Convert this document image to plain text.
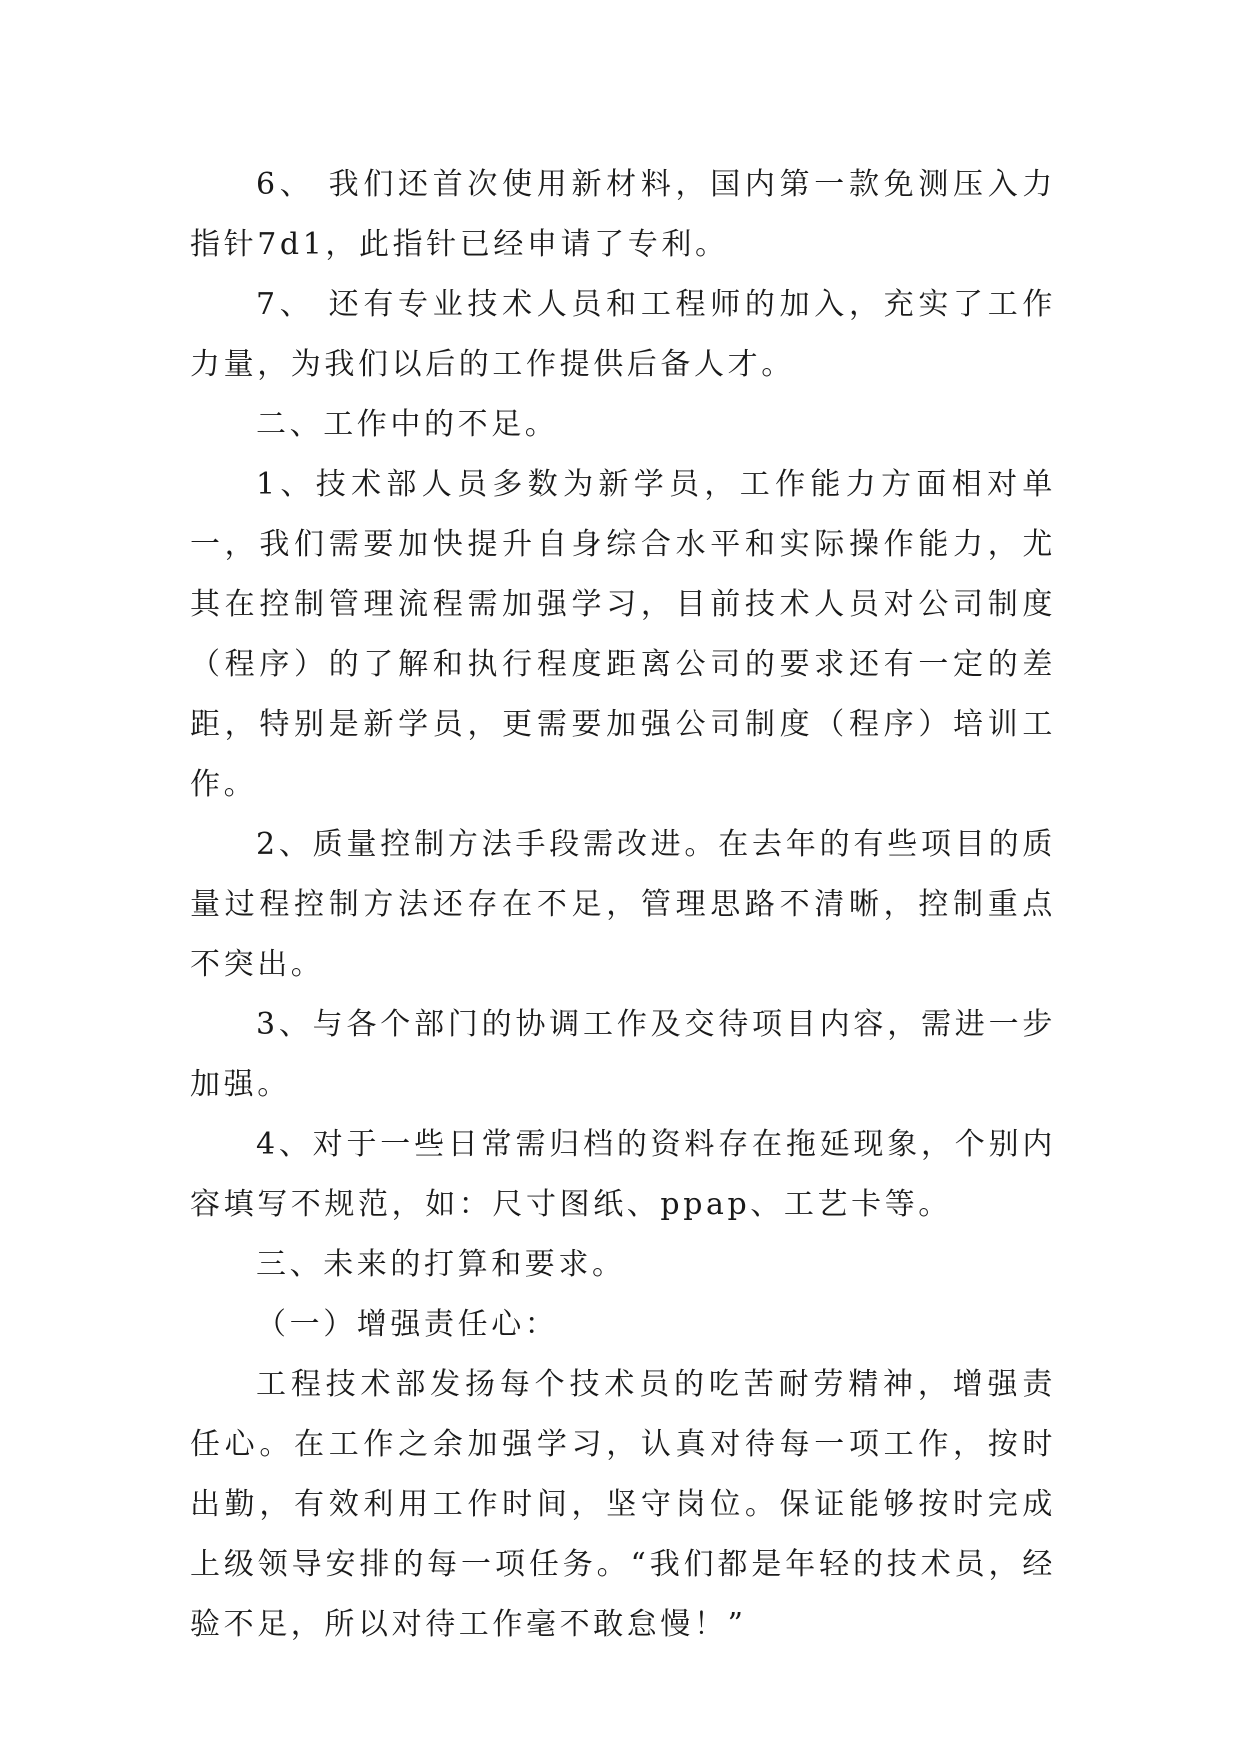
6、 我们还首次使用新材料，国内第一款免测压入力指针7d1，此指针已经申请了专利。

7、 还有专业技术人员和工程师的加入，充实了工作力量，为我们以后的工作提供后备人才。

二、工作中的不足。

1、技术部人员多数为新学员，工作能力方面相对单一，我们需要加快提升自身综合水平和实际操作能力，尤其在控制管理流程需加强学习，目前技术人员对公司制度（程序）的了解和执行程度距离公司的要求还有一定的差距，特别是新学员，更需要加强公司制度（程序）培训工作。

2、质量控制方法手段需改进。在去年的有些项目的质量过程控制方法还存在不足，管理思路不清晰，控制重点不突出。

3、与各个部门的协调工作及交待项目内容，需进一步加强。

4、对于一些日常需归档的资料存在拖延现象，个别内容填写不规范，如：尺寸图纸、ppap、工艺卡等。

三、未来的打算和要求。

（一）增强责任心：

工程技术部发扬每个技术员的吃苦耐劳精神，增强责任心。在工作之余加强学习，认真对待每一项工作，按时出勤，有效利用工作时间，坚守岗位。保证能够按时完成上级领导安排的每一项任务。“我们都是年轻的技术员，经验不足，所以对待工作毫不敢怠慢！”
